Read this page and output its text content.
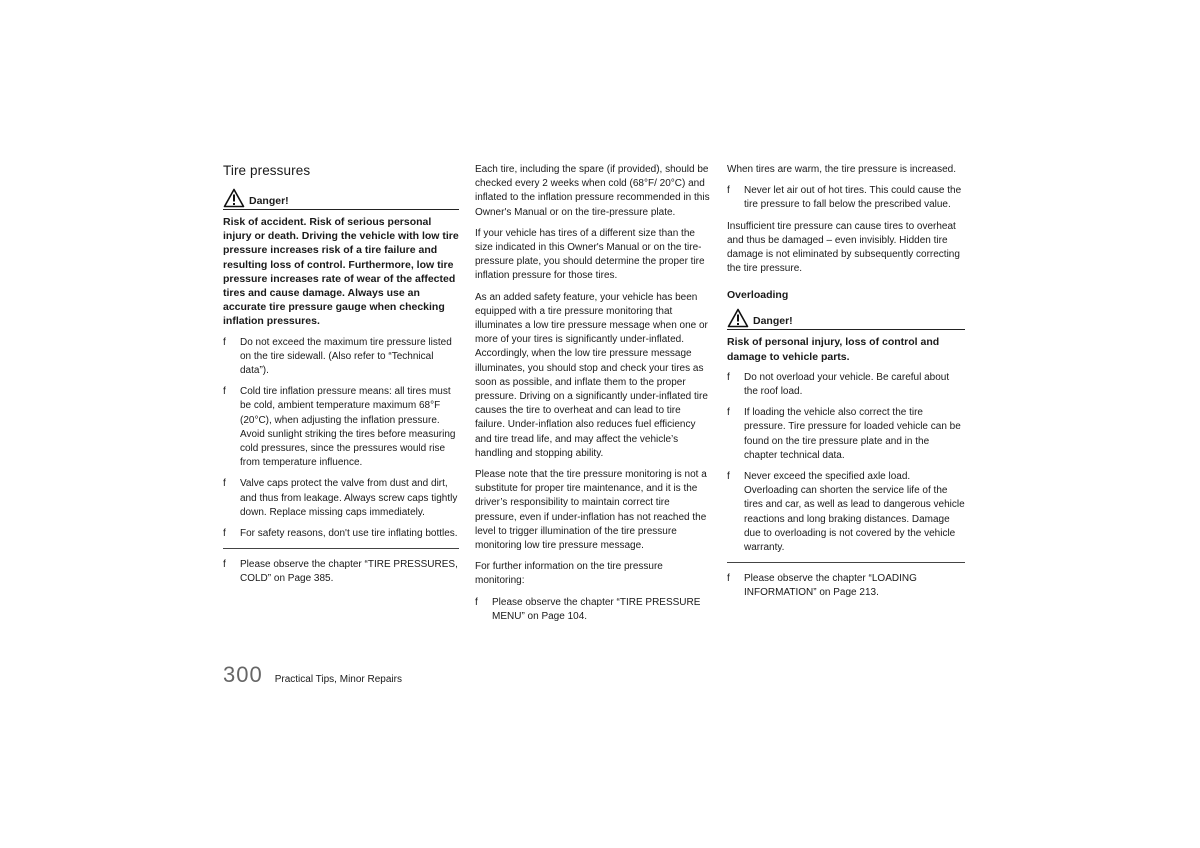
Tire pressures
Danger!
Risk of accident. Risk of serious personal injury or death. Driving the vehicle with low tire pressure increases risk of a tire failure and resulting loss of control. Furthermore, low tire pressure increases rate of wear of the affected tires and cause damage. Always use an accurate tire pressure gauge when checking inflation pressures.
f	Do not exceed the maximum tire pressure listed on the tire sidewall. (Also refer to “Technical data”).
f	Cold tire inflation pressure means: all tires must be cold, ambient temperature maximum 68°F (20°C), when adjusting the inflation pressure. Avoid sunlight striking the tires before measuring cold pressures, since the pressures would rise from temperature influence.
f	Valve caps protect the valve from dust and dirt, and thus from leakage. Always screw caps tightly down. Replace missing caps immediately.
f	For safety reasons, don't use tire inflating bottles.
f	Please observe the chapter “TIRE PRESSURES, COLD” on Page 385.

Each tire, including the spare (if provided), should be checked every 2 weeks when cold (68°F/ 20°C) and inflated to the inflation pressure recommended in this Owner's Manual or on the tire-pressure plate.

If your vehicle has tires of a different size than the size indicated in this Owner's Manual or on the tire-pressure plate, you should determine the proper tire inflation pressure for those tires.

As an added safety feature, your vehicle has been equipped with a tire pressure monitoring that illuminates a low tire pressure message when one or more of your tires is significantly under-inflated. Accordingly, when the low tire pressure message illuminates, you should stop and check your tires as soon as possible, and inflate them to the proper pressure. Driving on a significantly under-inflated tire causes the tire to overheat and can lead to tire failure. Under-inflation also reduces fuel efficiency and tire tread life, and may affect the vehicle’s handling and stopping ability.

Please note that the tire pressure monitoring is not a substitute for proper tire maintenance, and it is the driver’s responsibility to maintain correct tire pressure, even if under-inflation has not reached the level to trigger illumination of the tire pressure monitoring low tire pressure message.

For further information on the tire pressure monitoring:

f	Please observe the chapter “TIRE PRESSURE MENU” on Page 104.

When tires are warm, the tire pressure is increased.

f	Never let air out of hot tires. This could cause the tire pressure to fall below the prescribed value.

Insufficient tire pressure can cause tires to overheat and thus be damaged – even invisibly. Hidden tire damage is not eliminated by subsequently correcting the tire pressure.

Overloading
Danger!
Risk of personal injury, loss of control and damage to vehicle parts.
f	Do not overload your vehicle. Be careful about the roof load.
f	If loading the vehicle also correct the tire pressure. Tire pressure for loaded vehicle can be found on the tire pressure plate and in the chapter technical data.
f	Never exceed the specified axle load. Overloading can shorten the service life of the tires and car, as well as lead to dangerous vehicle reactions and long braking distances. Damage due to overloading is not covered by the vehicle warranty.
f	Please observe the chapter “LOADING INFORMATION” on Page 213.
300 Practical Tips, Minor Repairs
